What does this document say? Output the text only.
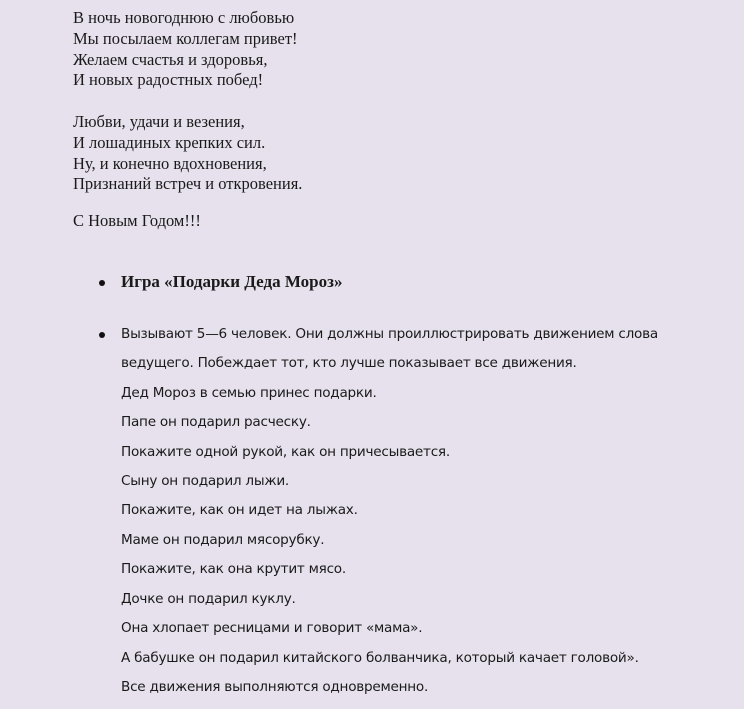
В ночь новогоднюю с любовью
Мы посылаем коллегам привет!
Желаем счастья и здоровья,
И новых радостных побед!
Любви, удачи и везения,
И лошадиных крепких сил.
Ну, и конечно вдохновения,
Признаний встреч и откровения.
С Новым Годом!!!
Игра «Подарки Деда Мороз»
Вызывают 5—6 человек. Они должны проиллюстрировать движением слова
ведущего. Побеждает тот, кто лучше показывает все движения.
Дед Мороз в семью принес подарки.
Папе он подарил расческу.
Покажите одной рукой, как он причесывается.
Сыну он подарил лыжи.
Покажите, как он идет на лыжах.
Маме он подарил мясорубку.
Покажите, как она крутит мясо.
Дочке он подарил куклу.
Она хлопает ресницами и говорит «мама».
А бабушке он подарил китайского болванчика, который качает головой».
Все движения выполняются одновременно.
